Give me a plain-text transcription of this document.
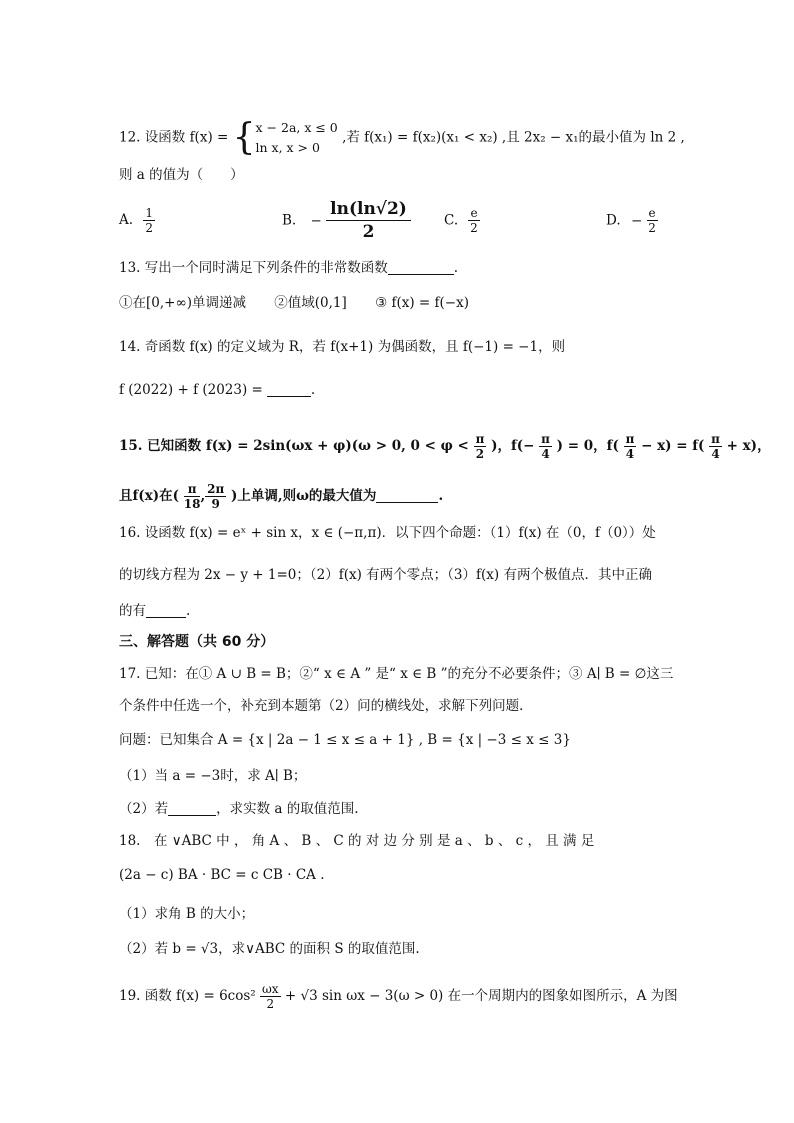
12. 设函数 f(x) = { x − 2a, x ≤ 0
ln x, x > 0
,若 f(x₁) = f(x₂)(x₁ < x₂) ,且 2x₂ − x₁的最小值为 ln 2 ,
则 a 的值为（　　）
A. $\frac{1}{2}$	B. − $\frac{\ln(\ln√2)}{2} C$. $\frac{e}{2}$	D. − $\frac{e}{2}$
13. 写出一个同时满足下列条件的非常数函数	.
①在[0,+∞)单调递减 ②值域(0,1] ③ f(x) = f(−x)
14. 奇函数 f(x) 的定义域为 R，若 f(x+1) 为偶函数，且 f(−1) = −1，则
f (2022) + f (2023) =	.
15. 已知函数 f(x) = 2sin(ωx + φ)(ω > 0, $0 < \varphi < \frac{\pi}{2}$ )，$f(- \frac{\pi}{4}$ ) = 0，$f( \frac{\pi}{4} - x) = f( \frac{\pi}{4} + x)$，
且f(x)在( $\frac{\pi}{18}$ , $\frac{2\pi}{9}$ )上单调,则ω的最大值为	.
16. 设函数 f(x) = eˣ + sin x，x ∈ (−π,π)．以下四个命题：（1）f(x) 在（0，f（0））处
的切线方程为 2x − y + 1=0；（2）f(x) 有两个零点；（3）f(x) 有两个极值点．其中正确
的有	.
三、解答题（共 60 分）
17. 已知：在① A ∪ B = B；②“ x ∈ A ” 是“ x ∈ B ”的充分不必要条件；③ A∣ B = ∅这三
个条件中任选一个，补充到本题第（2）问的横线处，求解下列问题．
问题：已知集合 A = {x | 2a − 1 ≤ x ≤ a + 1} , B = {x | −3 ≤ x ≤ 3}
（1）当 a = −3时，求 A∣ B；
（2）若	，求实数 a 的取值范围.
18.　在 ∨ABC 中 ， 角 A 、 B 、 C 的 对 边 分 别 是 a 、 b 、 c ， 且 满 足
(2a − c) BA · BC = c CB · CA .
（1）求角 B 的大小；
（2）若 b = √3，求∨ABC 的面积 S 的取值范围.
19. 函数 $f(x) = 6\cos^2 \frac{\omega x}{2} + √3$ sin ωx − 3(ω > 0) 在一个周期内的图象如图所示，A 为图
